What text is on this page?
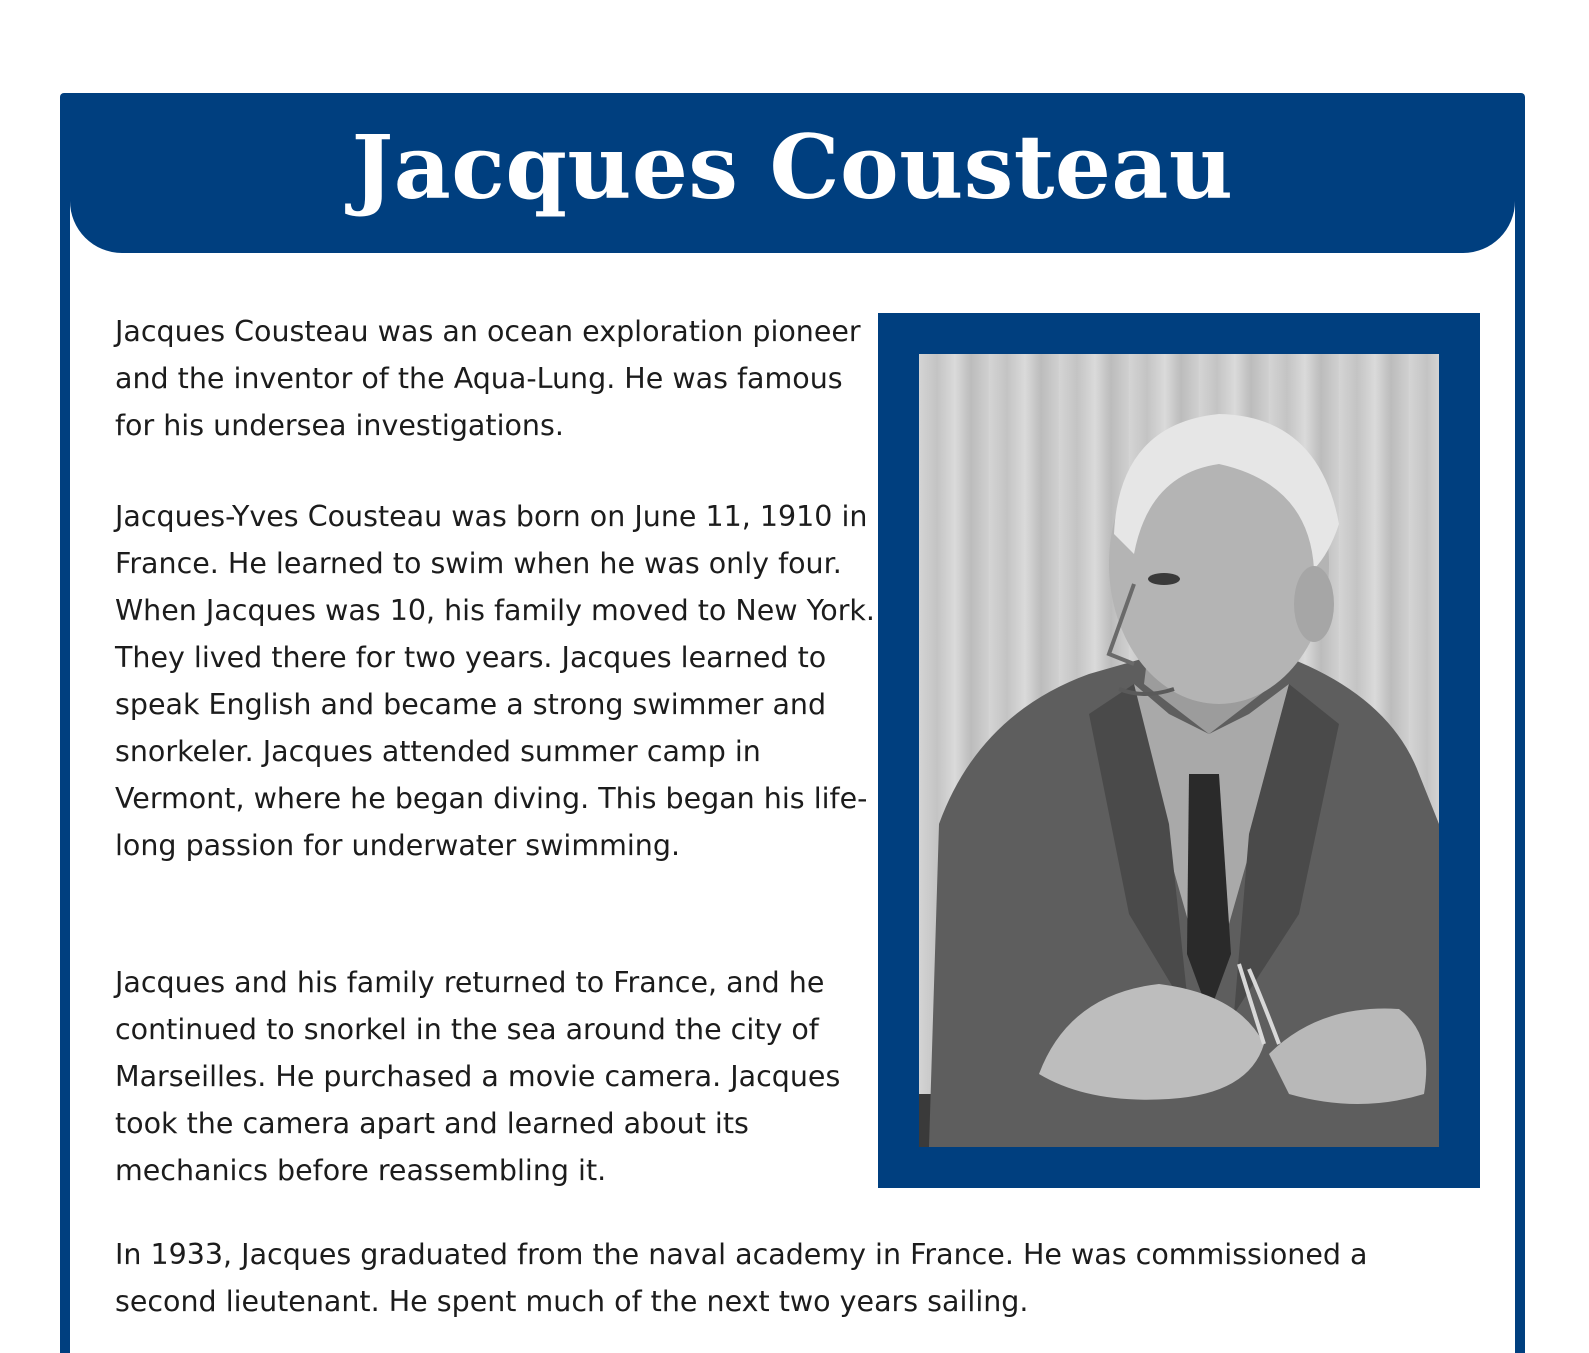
Jacques Cousteau

Jacques Cousteau was an ocean exploration pioneer and the inventor of the Aqua-Lung. He was famous for his undersea investigations.

Jacques-Yves Cousteau was born on June 11, 1910 in France. He learned to swim when he was only four. When Jacques was 10, his family moved to New York. They lived there for two years. Jacques learned to speak English and became a strong swimmer and snorkeler. Jacques attended summer camp in Vermont, where he began diving. This began his life-long passion for underwater swimming.

Jacques and his family returned to France, and he continued to snorkel in the sea around the city of Marseilles. He purchased a movie camera. Jacques took the camera apart and learned about its mechanics before reassembling it.

In 1933, Jacques graduated from the naval academy in France. He was commissioned a second lieutenant. He spent much of the next two years sailing.
